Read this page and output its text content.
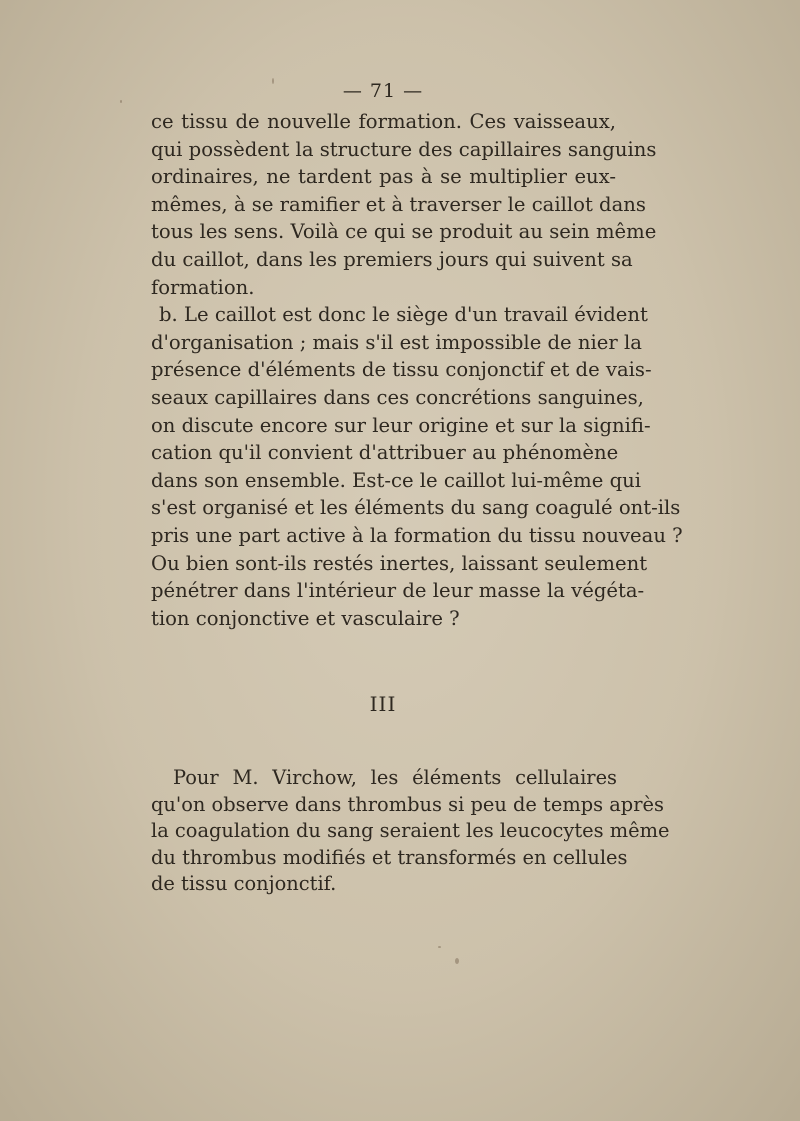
— 71 —
ce tissu de nouvelle formation. Ces vaisseaux,
qui possèdent la structure des capillaires sanguins
ordinaires, ne tardent pas à se multiplier eux-
mêmes, à se ramifier et à traverser le caillot dans
tous les sens. Voilà ce qui se produit au sein même
du caillot, dans les premiers jours qui suivent sa
formation.
b. Le caillot est donc le siège d'un travail évident
d'organisation ; mais s'il est impossible de nier la
présence d'éléments de tissu conjonctif et de vais-
seaux capillaires dans ces concrétions sanguines,
on discute encore sur leur origine et sur la signifi-
cation qu'il convient d'attribuer au phénomène
dans son ensemble. Est-ce le caillot lui-même qui
s'est organisé et les éléments du sang coagulé ont-ils
pris une part active à la formation du tissu nouveau ?
Ou bien sont-ils restés inertes, laissant seulement
pénétrer dans l'intérieur de leur masse la végéta-
tion conjonctive et vasculaire ?
III
Pour M. Virchow, les éléments cellulaires
qu'on observe dans thrombus si peu de temps après
la coagulation du sang seraient les leucocytes même
du thrombus modifiés et transformés en cellules
de tissu conjonctif.
